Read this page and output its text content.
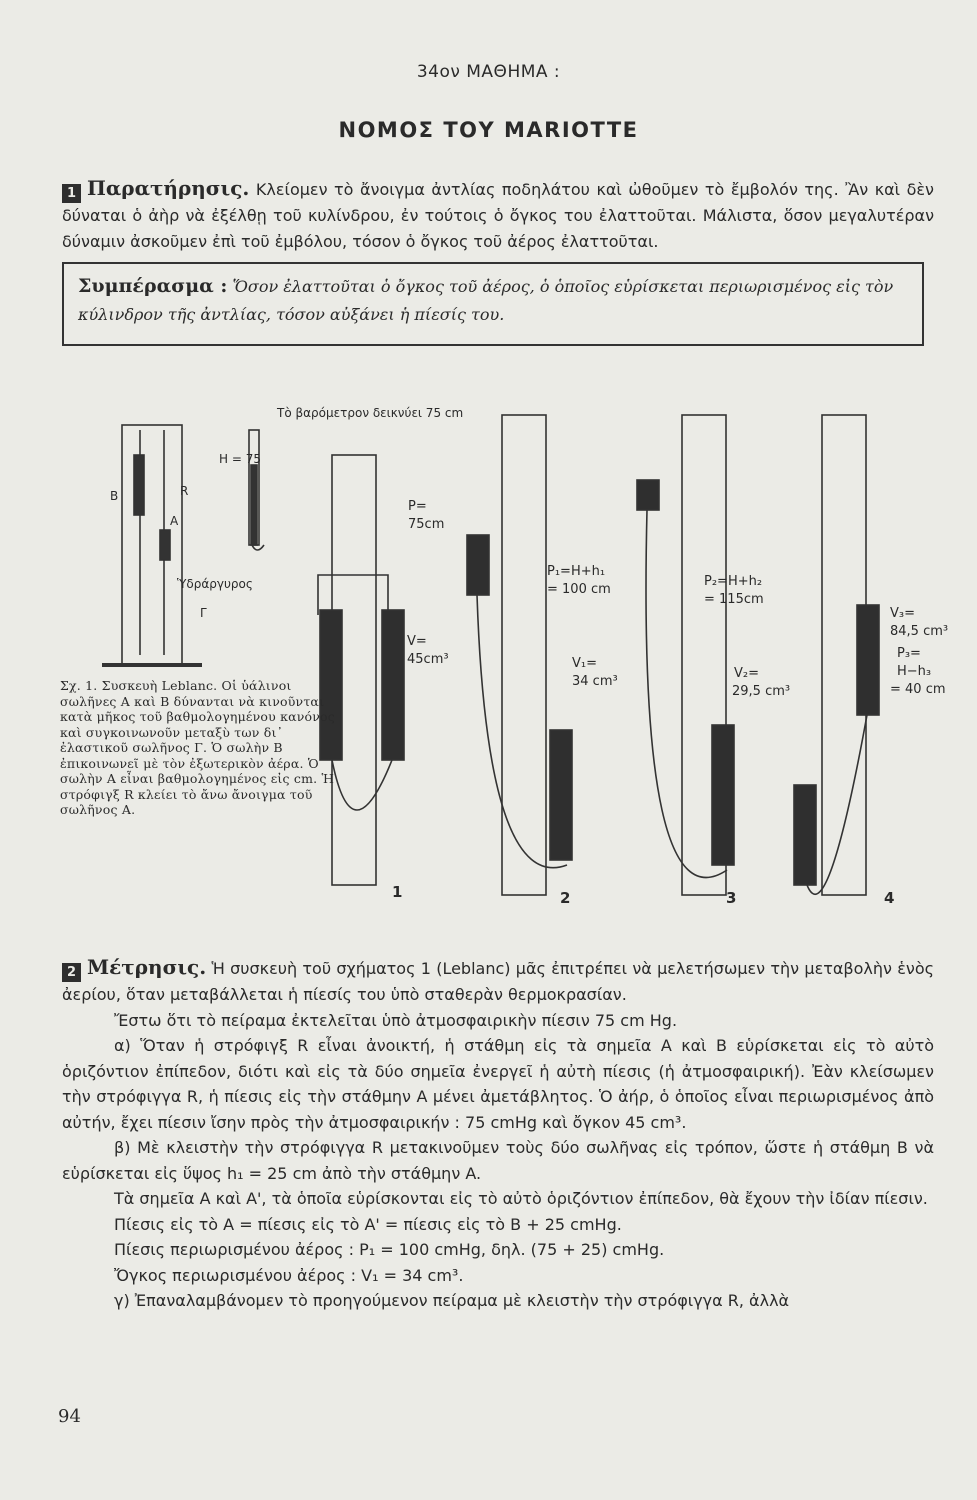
34ον ΜΑΘΗΜΑ :
ΝΟΜΟΣ ΤΟΥ MARIOTTE
1 Παρατήρησις. Κλείομεν τὸ ἄνοιγμα ἀντλίας ποδηλάτου καὶ ὠθοῦμεν τὸ ἔμβολόν της. Ἂν καὶ δὲν δύναται ὁ ἀὴρ νὰ ἐξέλθῃ τοῦ κυλίνδρου, ἐν τούτοις ὁ ὄγκος του ἐλαττοῦται. Μάλιστα, ὅσον μεγαλυτέραν δύναμιν ἀσκοῦμεν ἐπὶ τοῦ ἐμβόλου, τόσον ὁ ὄγκος τοῦ ἀέρος ἐλαττοῦται.
Συμπέρασμα : Ὅσον ἐλαττοῦται ὁ ὄγκος τοῦ ἀέρος, ὁ ὁποῖος εὑρίσκεται περιωρισμένος εἰς τὸν κύλινδρον τῆς ἀντλίας, τόσον αὐξάνει ἡ πίεσίς του.
Τὸ βαρόμετρον δεικνύει 75 cm
H = 75
Ὑδράργυρος
B	R
A
Γ
P=
75cm
V=
45cm³
P₁=H+h₁
= 100 cm
V₁=
34 cm³
P₂=H+h₂
= 115cm
V₂=
29,5 cm³
V₃=
84,5 cm³
P₃=
H−h₃
= 40 cm
1	2	3	4
Σχ. 1. Συσκευὴ Leblanc. Οἱ ὑάλινοι σωλῆνες A καὶ B δύνανται νὰ κινοῦνται κατὰ μῆκος τοῦ βαθμολογημένου κανόνος καὶ συγκοινωνοῦν μεταξὺ των δι᾽ ἐλαστικοῦ σωλῆνος Γ. Ὁ σωλὴν B ἐπικοινωνεῖ μὲ τὸν ἐξωτερικὸν ἀέρα. Ὁ σωλὴν A εἶναι βαθμολογημένος εἰς cm. Ἡ στρόφιγξ R κλείει τὸ ἄνω ἄνοιγμα τοῦ σωλῆνος A.

2 Μέτρησις. Ἡ συσκευὴ τοῦ σχήματος 1 (Leblanc) μᾶς ἐπιτρέπει νὰ μελετήσωμεν τὴν μεταβολὴν ἑνὸς ἀερίου, ὅταν μεταβάλλεται ἡ πίεσίς του ὑπὸ σταθερὰν θερμοκρασίαν.

Ἔστω ὅτι τὸ πείραμα ἐκτελεῖται ὑπὸ ἀτμοσφαιρικὴν πίεσιν 75 cm Hg.

α) Ὅταν ἡ στρόφιγξ R εἶναι ἀνοικτή, ἡ στάθμη εἰς τὰ σημεῖα A καὶ B εὑρίσκεται εἰς τὸ αὐτὸ ὁριζόντιον ἐπίπεδον, διότι καὶ εἰς τὰ δύο σημεῖα ἐνεργεῖ ἡ αὐτὴ πίεσις (ἡ ἀτμοσφαιρική). Ἐὰν κλείσωμεν τὴν στρόφιγγα R, ἡ πίεσις εἰς τὴν στάθμην A μένει ἀμετάβλητος. Ὁ ἀήρ, ὁ ὁποῖος εἶναι περιωρισμένος ἀπὸ αὐτήν, ἔχει πίεσιν ἴσην πρὸς τὴν ἀτμοσφαιρικήν : 75 cmHg καὶ ὄγκον 45 cm³.

β) Μὲ κλειστὴν τὴν στρόφιγγα R μετακινοῦμεν τοὺς δύο σωλῆνας εἰς τρόπον, ὥστε ἡ στάθμη B νὰ εὑρίσκεται εἰς ὕψος h₁ = 25 cm ἀπὸ τὴν στάθμην A.

Τὰ σημεῖα A καὶ A', τὰ ὁποῖα εὑρίσκονται εἰς τὸ αὐτὸ ὁριζόντιον ἐπίπεδον, θὰ ἔχουν τὴν ἰδίαν πίεσιν.

Πίεσις εἰς τὸ A = πίεσις εἰς τὸ A' = πίεσις εἰς τὸ B + 25 cmHg.

Πίεσις περιωρισμένου ἀέρος : P₁ = 100 cmHg, δηλ. (75 + 25) cmHg.

Ὄγκος περιωρισμένου ἀέρος : V₁ = 34 cm³.

γ) Ἐπαναλαμβάνομεν τὸ προηγούμενον πείραμα μὲ κλειστὴν τὴν στρόφιγγα R, ἀλλὰ

94
